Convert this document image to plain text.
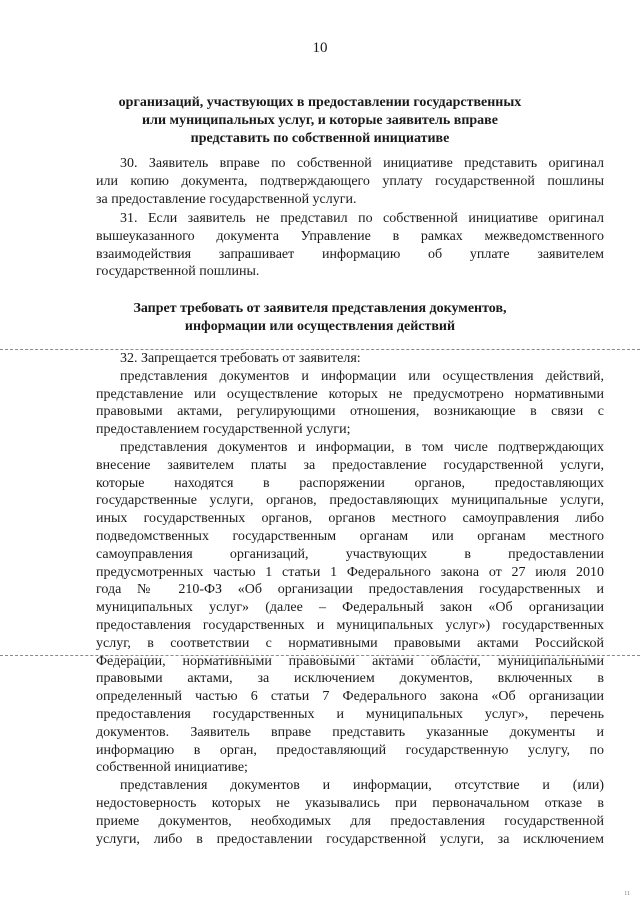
10
организаций, участвующих в предоставлении государственных
или муниципальных услуг, и которые заявитель вправе
представить по собственной инициативе
30. Заявитель вправе по собственной инициативе представить оригинал
или копию документа, подтверждающего уплату государственной пошлины
за предоставление государственной услуги.
31. Если заявитель не представил по собственной инициативе оригинал
вышеуказанного документа Управление в рамках межведомственного
взаимодействия запрашивает информацию об уплате заявителем
государственной пошлины.
Запрет требовать от заявителя представления документов,
информации или осуществления действий
32. Запрещается требовать от заявителя:
представления документов и информации или осуществления действий,
представление или осуществление которых не предусмотрено нормативными
правовыми актами, регулирующими отношения, возникающие в связи с
предоставлением государственной услуги;
представления документов и информации, в том числе подтверждающих
внесение заявителем платы за предоставление государственной услуги,
которые находятся в распоряжении органов, предоставляющих
государственные услуги, органов, предоставляющих муниципальные услуги,
иных государственных органов, органов местного самоуправления либо
подведомственных государственным органам или органам местного
самоуправления организаций, участвующих в предоставлении
предусмотренных частью 1 статьи 1 Федерального закона от 27 июля 2010
года № 210-ФЗ «Об организации предоставления государственных и
муниципальных услуг» (далее – Федеральный закон «Об организации
предоставления государственных и муниципальных услуг») государственных
услуг, в соответствии с нормативными правовыми актами Российской
Федерации, нормативными правовыми актами области, муниципальными
правовыми актами, за исключением документов, включенных в
определенный частью 6 статьи 7 Федерального закона «Об организации
предоставления государственных и муниципальных услуг», перечень
документов. Заявитель вправе представить указанные документы и
информацию в орган, предоставляющий государственную услугу, по
собственной инициативе;
представления документов и информации, отсутствие и (или)
недостоверность которых не указывались при первоначальном отказе в
приеме документов, необходимых для предоставления государственной
услуги, либо в предоставлении государственной услуги, за исключением
11
